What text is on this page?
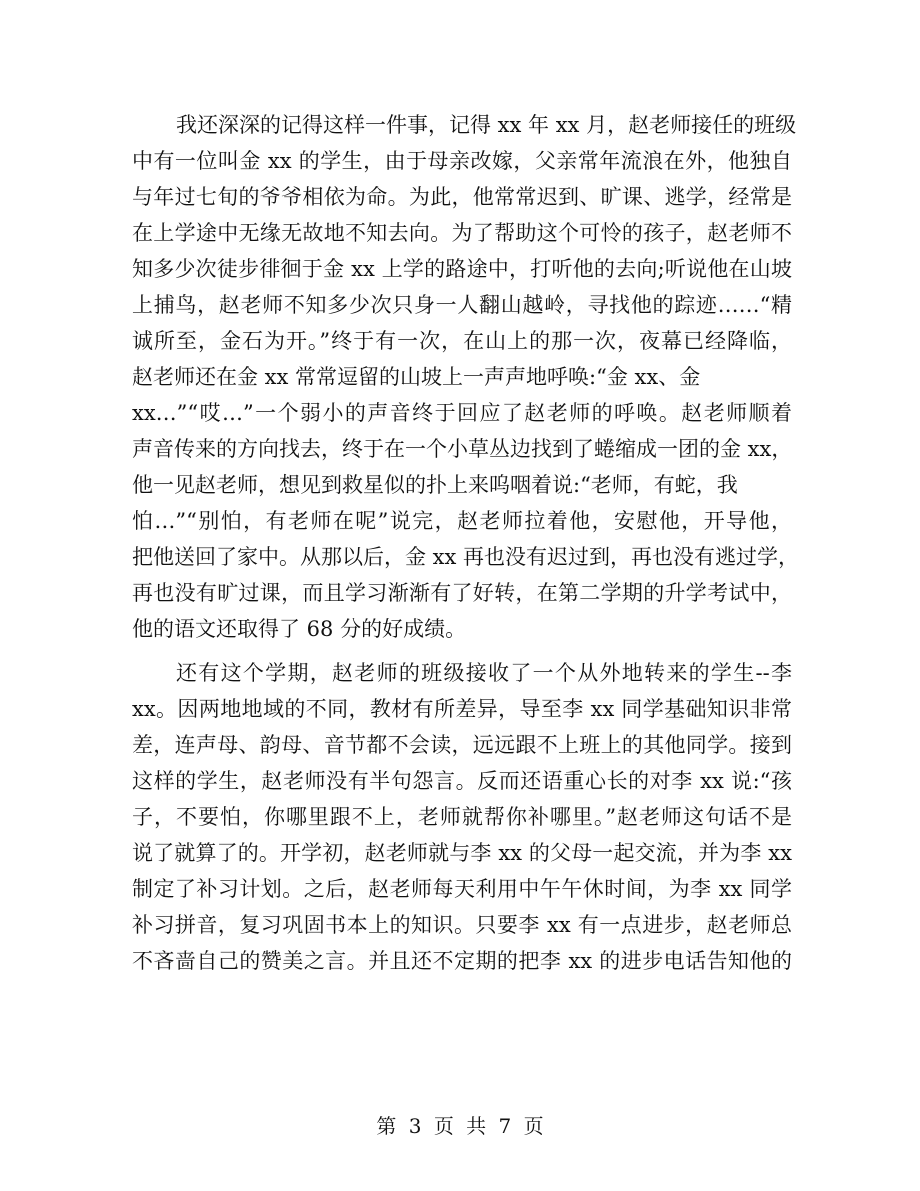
我还深深的记得这样一件事，记得 xx 年 xx 月，赵老师接任的班级
中有一位叫金 xx 的学生，由于母亲改嫁，父亲常年流浪在外，他独自
与年过七旬的爷爷相依为命。为此，他常常迟到、旷课、逃学，经常是
在上学途中无缘无故地不知去向。为了帮助这个可怜的孩子，赵老师不
知多少次徒步徘徊于金 xx 上学的路途中，打听他的去向;听说他在山坡
上捕鸟，赵老师不知多少次只身一人翻山越岭，寻找他的踪迹……“精
诚所至，金石为开。”终于有一次，在山上的那一次，夜幕已经降临，
赵老师还在金 xx 常常逗留的山坡上一声声地呼唤:“金 xx、金
xx…”“哎…”一个弱小的声音终于回应了赵老师的呼唤。赵老师顺着
声音传来的方向找去，终于在一个小草丛边找到了蜷缩成一团的金 xx，
他一见赵老师，想见到救星似的扑上来呜咽着说:“老师，有蛇，我
怕…”“别怕，有老师在呢”说完，赵老师拉着他，安慰他，开导他，
把他送回了家中。从那以后，金 xx 再也没有迟过到，再也没有逃过学，
再也没有旷过课，而且学习渐渐有了好转，在第二学期的升学考试中，
他的语文还取得了 68 分的好成绩。
还有这个学期，赵老师的班级接收了一个从外地转来的学生--李
xx。因两地地域的不同，教材有所差异，导至李 xx 同学基础知识非常
差，连声母、韵母、音节都不会读，远远跟不上班上的其他同学。接到
这样的学生，赵老师没有半句怨言。反而还语重心长的对李 xx 说:“孩
子，不要怕，你哪里跟不上，老师就帮你补哪里。”赵老师这句话不是
说了就算了的。开学初，赵老师就与李 xx 的父母一起交流，并为李 xx
制定了补习计划。之后，赵老师每天利用中午午休时间，为李 xx 同学
补习拼音，复习巩固书本上的知识。只要李 xx 有一点进步，赵老师总
不吝啬自己的赞美之言。并且还不定期的把李 xx 的进步电话告知他的
第 3 页 共 7 页
